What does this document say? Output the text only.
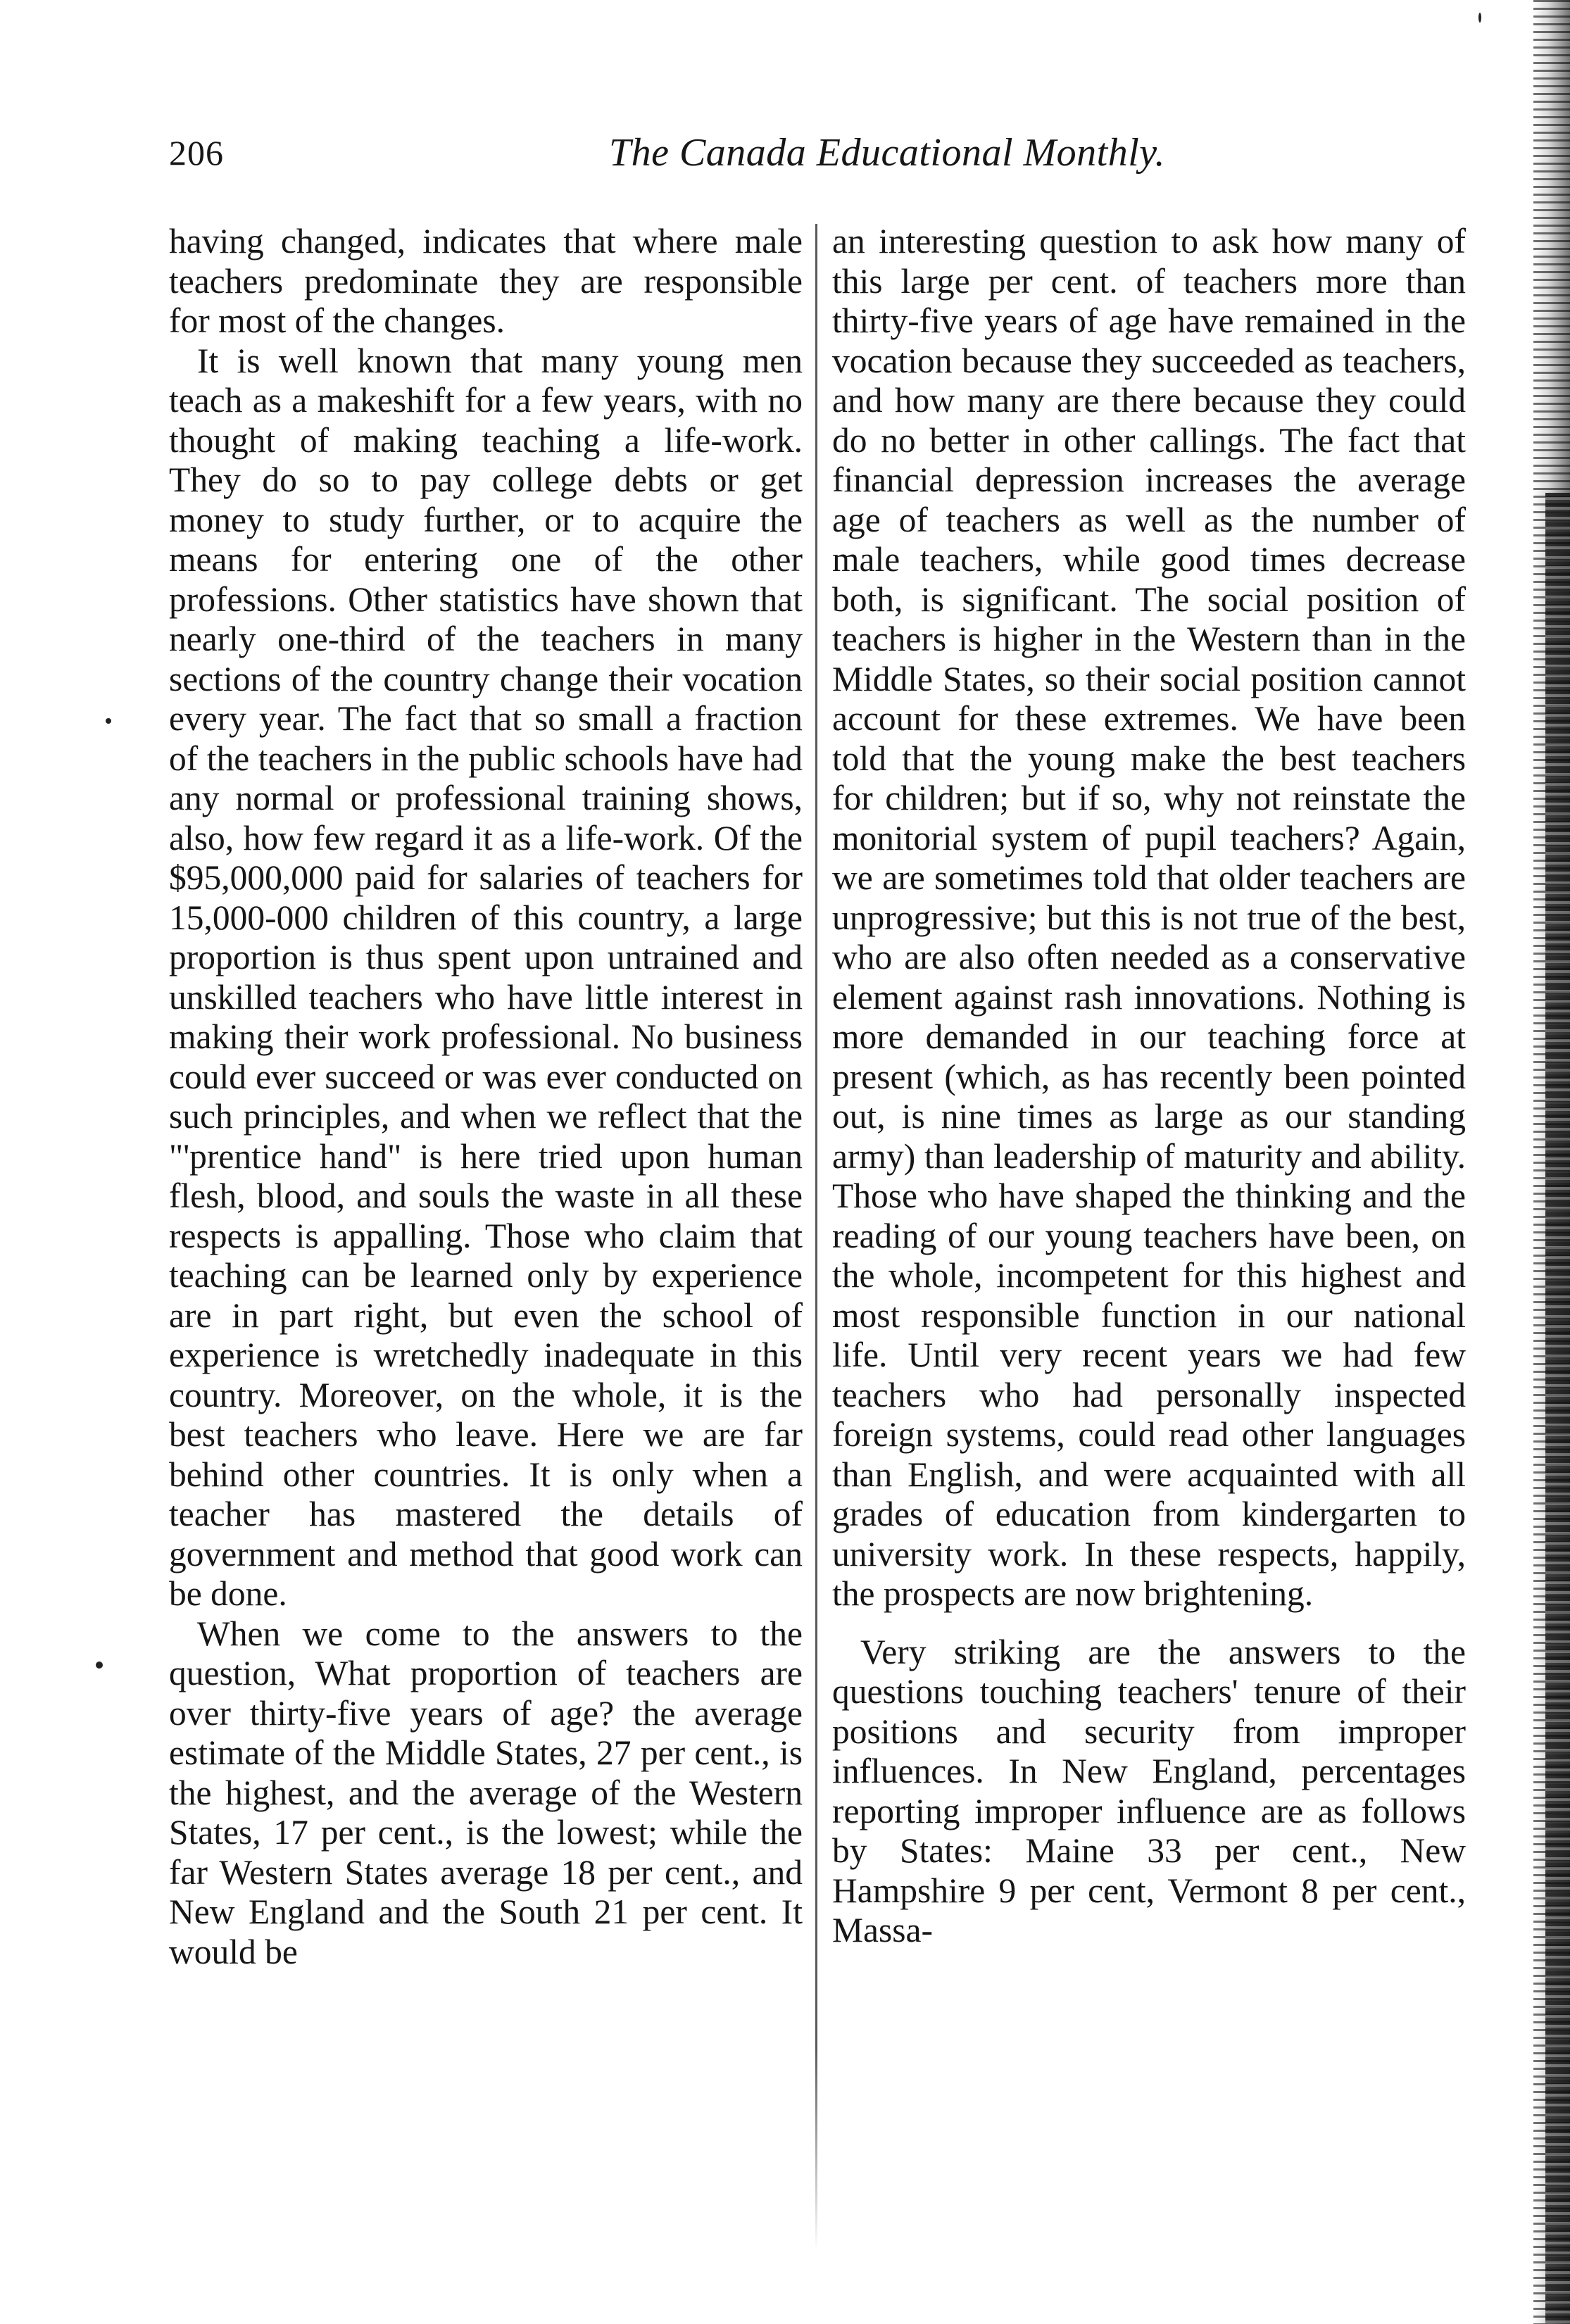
206	The Canada Educational Monthly.

having changed, indicates that where male teachers predominate they are responsible for most of the changes.

It is well known that many young men teach as a makeshift for a few years, with no thought of making teaching a life-work. They do so to pay college debts or get money to study further, or to acquire the means for entering one of the other professions. Other statistics have shown that nearly one-third of the teachers in many sections of the country change their vocation every year. The fact that so small a fraction of the teachers in the public schools have had any normal or professional training shows, also, how few regard it as a life-work. Of the $95,000,000 paid for salaries of teachers for 15,000-000 children of this country, a large proportion is thus spent upon untrained and unskilled teachers who have little interest in making their work professional. No business could ever succeed or was ever conducted on such principles, and when we reflect that the "'prentice hand" is here tried upon human flesh, blood, and souls the waste in all these respects is appalling. Those who claim that teaching can be learned only by experience are in part right, but even the school of experience is wretchedly inadequate in this country. Moreover, on the whole, it is the best teachers who leave. Here we are far behind other countries. It is only when a teacher has mastered the details of government and method that good work can be done.

When we come to the answers to the question, What proportion of teachers are over thirty-five years of age? the average estimate of the Middle States, 27 per cent., is the highest, and the average of the Western States, 17 per cent., is the lowest; while the far Western States average 18 per cent., and New England and the South 21 per cent. It would be

an interesting question to ask how many of this large per cent. of teachers more than thirty-five years of age have remained in the vocation because they succeeded as teachers, and how many are there because they could do no better in other callings. The fact that financial depression increases the average age of teachers as well as the number of male teachers, while good times decrease both, is significant. The social position of teachers is higher in the Western than in the Middle States, so their social position cannot account for these extremes. We have been told that the young make the best teachers for children; but if so, why not reinstate the monitorial system of pupil teachers? Again, we are sometimes told that older teachers are unprogressive; but this is not true of the best, who are also often needed as a conservative element against rash innovations. Nothing is more demanded in our teaching force at present (which, as has recently been pointed out, is nine times as large as our standing army) than leadership of maturity and ability. Those who have shaped the thinking and the reading of our young teachers have been, on the whole, incompetent for this highest and most responsible function in our national life. Until very recent years we had few teachers who had personally inspected foreign systems, could read other languages than English, and were acquainted with all grades of education from kindergarten to university work. In these respects, happily, the prospects are now brightening.

Very striking are the answers to the questions touching teachers' tenure of their positions and security from improper influences. In New England, percentages reporting improper influence are as follows by States: Maine 33 per cent., New Hampshire 9 per cent, Vermont 8 per cent., Massa-
